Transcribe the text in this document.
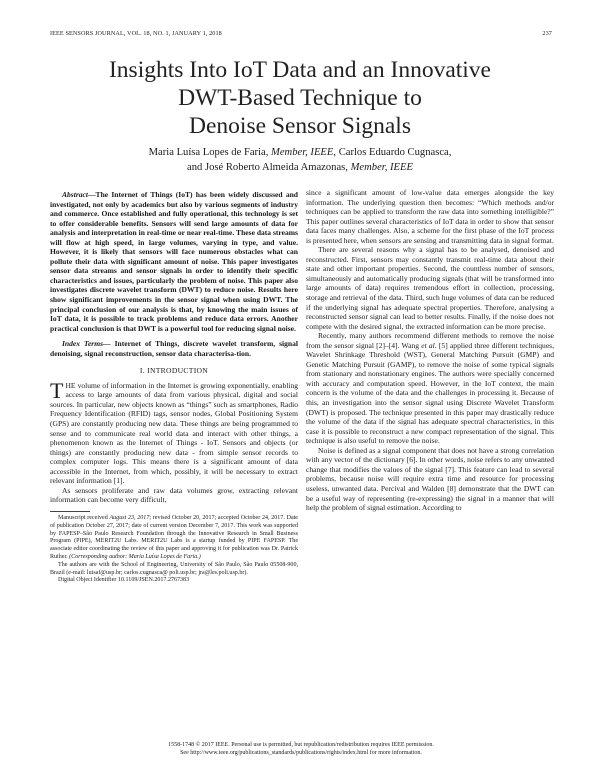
IEEE SENSORS JOURNAL, VOL. 18, NO. 1, JANUARY 1, 2018	237
Insights Into IoT Data and an Innovative
DWT-Based Technique to
Denoise Sensor Signals
Maria Luísa Lopes de Faria, Member, IEEE, Carlos Eduardo Cugnasca,
and José Roberto Almeida Amazonas, Member, IEEE

Abstract—The Internet of Things (IoT) has been widely discussed and investigated, not only by academics but also by various segments of industry and commerce. Once established and fully operational, this technology is set to offer considerable benefits. Sensors will send large amounts of data for analysis and interpretation in real-time or near real-time. These data streams will flow at high speed, in large volumes, varying in type, and value. However, it is likely that sensors will face numerous obstacles what can pollute their data with significant amount of noise. This paper investigates sensor data streams and sensor signals in order to identify their specific characteristics and issues, particularly the problem of noise. This paper also investigates discrete wavelet transform (DWT) to reduce noise. Results here show significant improvements in the sensor signal when using DWT. The principal conclusion of our analysis is that, by knowing the main issues of IoT data, it is possible to track problems and reduce data errors. Another practical conclusion is that DWT is a powerful tool for reducing signal noise.

Index Terms— Internet of Things, discrete wavelet transform, signal denoising, signal reconstruction, sensor data characterisa-tion.

I. INTRODUCTION

THE volume of information in the Internet is growing exponentially, enabling access to large amounts of data from various physical, digital and social sources. In particular, new objects known as “things” such as smartphones, Radio Frequency Identification (RFID) tags, sensor nodes, Global Positioning System (GPS) are constantly producing new data. These things are being programmed to sense and to communicate real world data and interact with other things, a phenomenon known as the Internet of Things - IoT. Sensors and objects (or things) are constantly producing new data - from simple sensor records to complex computer logs. This means there is a significant amount of data accessible in the Internet, from which, possibly, it will be necessary to extract relevant information [1].

As sensors proliferate and raw data volumes grow, extracting relevant information can become very difficult,

Manuscript received August 23, 2017; revised October 20, 2017; accepted October 24, 2017. Date of publication October 27, 2017; date of current version December 7, 2017. This work was supported by FAPESP–São Paulo Research Foundation through the Innovative Research in Small Business Program (PIPE), MERIT2U Labs. MERIT2U Labs is a startup funded by PIPE FAPESP. The associate editor coordinating the review of this paper and approving it for publication was Dr. Patrick Ruther. (Corresponding author: Maria Luísa Lopes de Faria.)

The authors are with the School of Engineering, University of São Paulo, São Paulo 05508-900, Brazil (e-mail: luisaf@usp.br; carlos.cugnasca@ poli.usp.br; jra@les.poli.usp.br).

Digital Object Identifier 10.1109/JSEN.2017.2767383

since a significant amount of low-value data emerges alongside the key information. The underlying question then becomes: “Which methods and/or techniques can be applied to transform the raw data into something intelligible?” This paper outlines several characteristics of IoT data in order to show that sensor data faces many challenges. Also, a scheme for the first phase of the IoT process is presented here, when sensors are sensing and transmitting data in signal format.

There are several reasons why a signal has to be analysed, denoised and reconstructed. First, sensors may constantly transmit real-time data about their state and other important properties. Second, the countless number of sensors, simultaneously and automatically producing signals (that will be transformed into large amounts of data) requires tremendous effort in collection, processing, storage and retrieval of the data. Third, such huge volumes of data can be reduced if the underlying signal has adequate spectral properties. Therefore, analysing a reconstructed sensor signal can lead to better results. Finally, if the noise does not compete with the desired signal, the extracted information can be more precise.

Recently, many authors recommend different methods to remove the noise from the sensor signal [2]–[4]. Wang et al. [5] applied three different techniques, Wavelet Shrinkage Threshold (WST), General Matching Pursuit (GMP) and Genetic Matching Pursuit (GAMP), to remove the noise of some typical signals from stationary and nonstationary engines. The authors were specially concerned with accuracy and computation speed. However, in the IoT context, the main concern is the volume of the data and the challenges in processing it. Because of this, an investigation into the sensor signal using Discrete Wavelet Transform (DWT) is proposed. The technique presented in this paper may drastically reduce the volume of the data if the signal has adequate spectral characteristics, in this case it is possible to reconstruct a new compact representation of the signal. This technique is also useful to remove the noise.

Noise is defined as a signal component that does not have a strong correlation with any vector of the dictionary [6]. In other words, noise refers to any unwanted change that modifies the values of the signal [7]. This feature can lead to several problems, because noise will require extra time and resource for processing useless, unwanted data. Percival and Walden [8] demonstrate that the DWT can be a useful way of representing (re-expressing) the signal in a manner that will help the problem of signal estimation. According to

1558-1748 © 2017 IEEE. Personal use is permitted, but republication/redistribution requires IEEE permission.
See http://www.ieee.org/publications_standards/publications/rights/index.html for more information.
